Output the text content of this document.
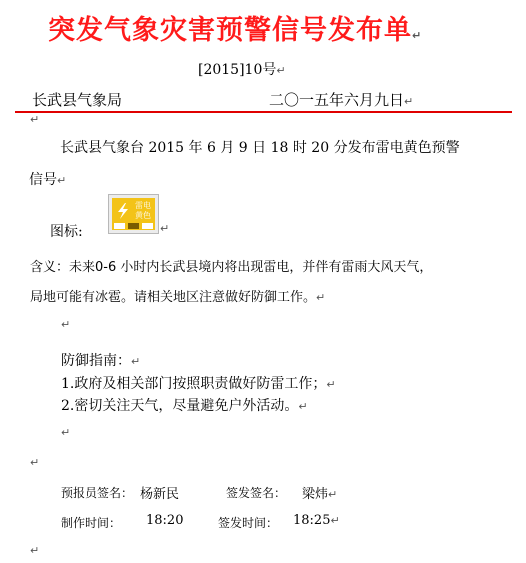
突发气象灾害预警信号发布单↵
[2015]10号↵
长武县气象局	二〇一五年六月九日↵
↵
长武县气象台 2015 年 6 月 9 日 18 时 20 分发布雷电黄色预警
信号↵
图标:
雷电
黄色
↵
含义：未来0-6 小时内长武县境内将出现雷电，并伴有雷雨大风天气，
局地可能有冰雹。请相关地区注意做好防御工作。↵
↵
防御指南：↵
1.政府及相关部门按照职责做好防雷工作；↵
2.密切关注天气，尽量避免户外活动。↵
↵
↵
预报员签名： 杨新民	签发签名： 梁炜↵
制作时间： 18:20	签发时间： 18:25↵
↵
